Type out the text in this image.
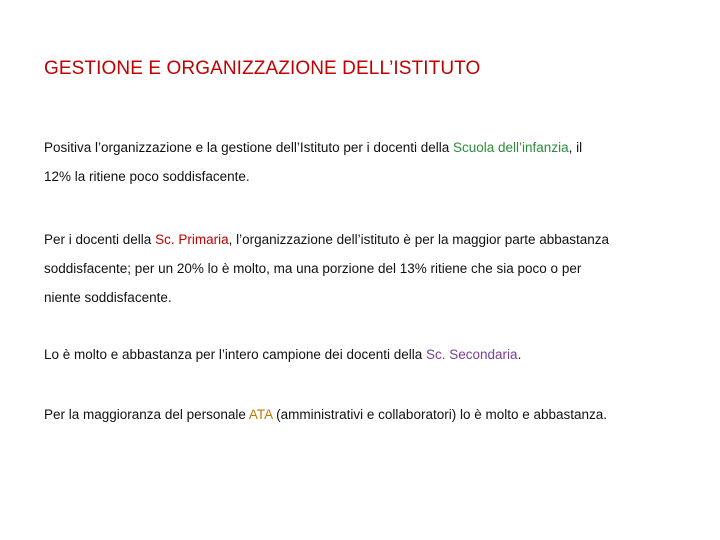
GESTIONE E ORGANIZZAZIONE DELL’ISTITUTO
Positiva l’organizzazione e la gestione dell’Istituto per i docenti della Scuola dell’infanzia, il
12% la ritiene poco soddisfacente.
Per i docenti della Sc. Primaria, l’organizzazione dell’istituto è per la maggior parte abbastanza
soddisfacente; per un 20% lo è molto, ma una porzione del 13% ritiene che sia poco o per
niente soddisfacente.
Lo è molto e abbastanza per l’intero campione dei docenti della Sc. Secondaria.
Per la maggioranza del personale ATA (amministrativi e collaboratori) lo è molto e abbastanza.
